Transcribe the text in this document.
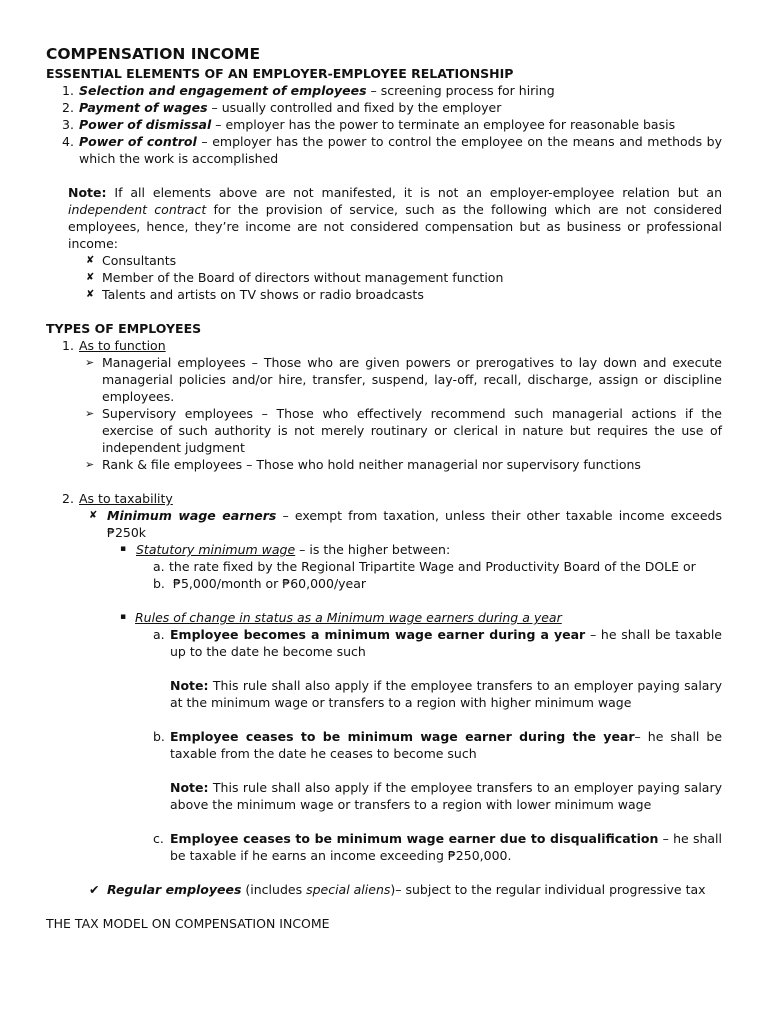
COMPENSATION INCOME
ESSENTIAL ELEMENTS OF AN EMPLOYER-EMPLOYEE RELATIONSHIP
1. Selection and engagement of employees – screening process for hiring
2. Payment of wages – usually controlled and fixed by the employer
3. Power of dismissal – employer has the power to terminate an employee for reasonable basis
4. Power of control – employer has the power to control the employee on the means and methods by which the work is accomplished
Note: If all elements above are not manifested, it is not an employer-employee relation but an independent contract for the provision of service, such as the following which are not considered employees, hence, they’re income are not considered compensation but as business or professional income:
✘ Consultants
✘ Member of the Board of directors without management function
✘ Talents and artists on TV shows or radio broadcasts
TYPES OF EMPLOYEES
1. As to function
➢ Managerial employees – Those who are given powers or prerogatives to lay down and execute managerial policies and/or hire, transfer, suspend, lay-off, recall, discharge, assign or discipline employees.
➢ Supervisory employees – Those who effectively recommend such managerial actions if the exercise of such authority is not merely routinary or clerical in nature but requires the use of independent judgment
➢ Rank & file employees – Those who hold neither managerial nor supervisory functions
2. As to taxability
✘ Minimum wage earners – exempt from taxation, unless their other taxable income exceeds ₱250k
▪ Statutory minimum wage – is the higher between:
a. the rate fixed by the Regional Tripartite Wage and Productivity Board of the DOLE or
b. ₱5,000/month or ₱60,000/year
▪ Rules of change in status as a Minimum wage earners during a year
a. Employee becomes a minimum wage earner during a year – he shall be taxable up to the date he become such
Note: This rule shall also apply if the employee transfers to an employer paying salary at the minimum wage or transfers to a region with higher minimum wage
b. Employee ceases to be minimum wage earner during the year– he shall be taxable from the date he ceases to become such
Note: This rule shall also apply if the employee transfers to an employer paying salary above the minimum wage or transfers to a region with lower minimum wage
c. Employee ceases to be minimum wage earner due to disqualification – he shall be taxable if he earns an income exceeding ₱250,000.
✔ Regular employees (includes special aliens)– subject to the regular individual progressive tax
THE TAX MODEL ON COMPENSATION INCOME
